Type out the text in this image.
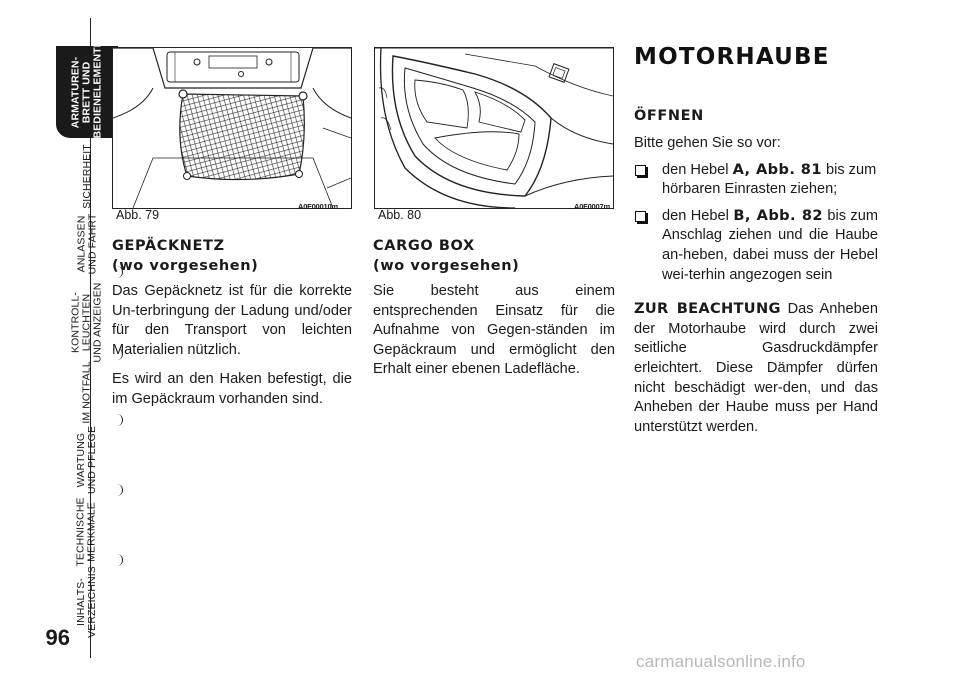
ARMATUREN-
BRETT UND
BEDIENELEMENTE
SICHERHEIT
ANLASSEN
UND FAHRT
KONTROLL-
LEUCHTEN
UND ANZEIGEN
IM NOTFALL
WARTUNG
UND PFLEGE
TECHNISCHE
MERKMALE
INHALTS-
VERZEICHNIS
96
Abb. 79
A0F00010m
Abb. 80
A0F0007m
GEPÄCKNETZ
(wo vorgesehen)

Das Gepäcknetz ist für die korrekte Un-terbringung der Ladung und/oder für den Transport von leichten Materialien nützlich.

Es wird an den Haken befestigt, die im Gepäckraum vorhanden sind.

CARGO BOX
(wo vorgesehen)

Sie besteht aus einem entsprechenden Einsatz für die Aufnahme von Gegen-ständen im Gepäckraum und ermöglicht den Erhalt einer ebenen Ladefläche.

MOTORHAUBE
ÖFFNEN

Bitte gehen Sie so vor:

den Hebel A, Abb. 81 bis zum hörbaren Einrasten ziehen;
den Hebel B, Abb. 82 bis zum Anschlag ziehen und die Haube an-heben, dabei muss der Hebel wei-terhin angezogen sein

ZUR BEACHTUNG Das Anheben der Motorhaube wird durch zwei seitliche Gasdruckdämpfer erleichtert. Diese Dämpfer dürfen nicht beschädigt wer-den, und das Anheben der Haube muss per Hand unterstützt werden.

carmanualsonline.info
